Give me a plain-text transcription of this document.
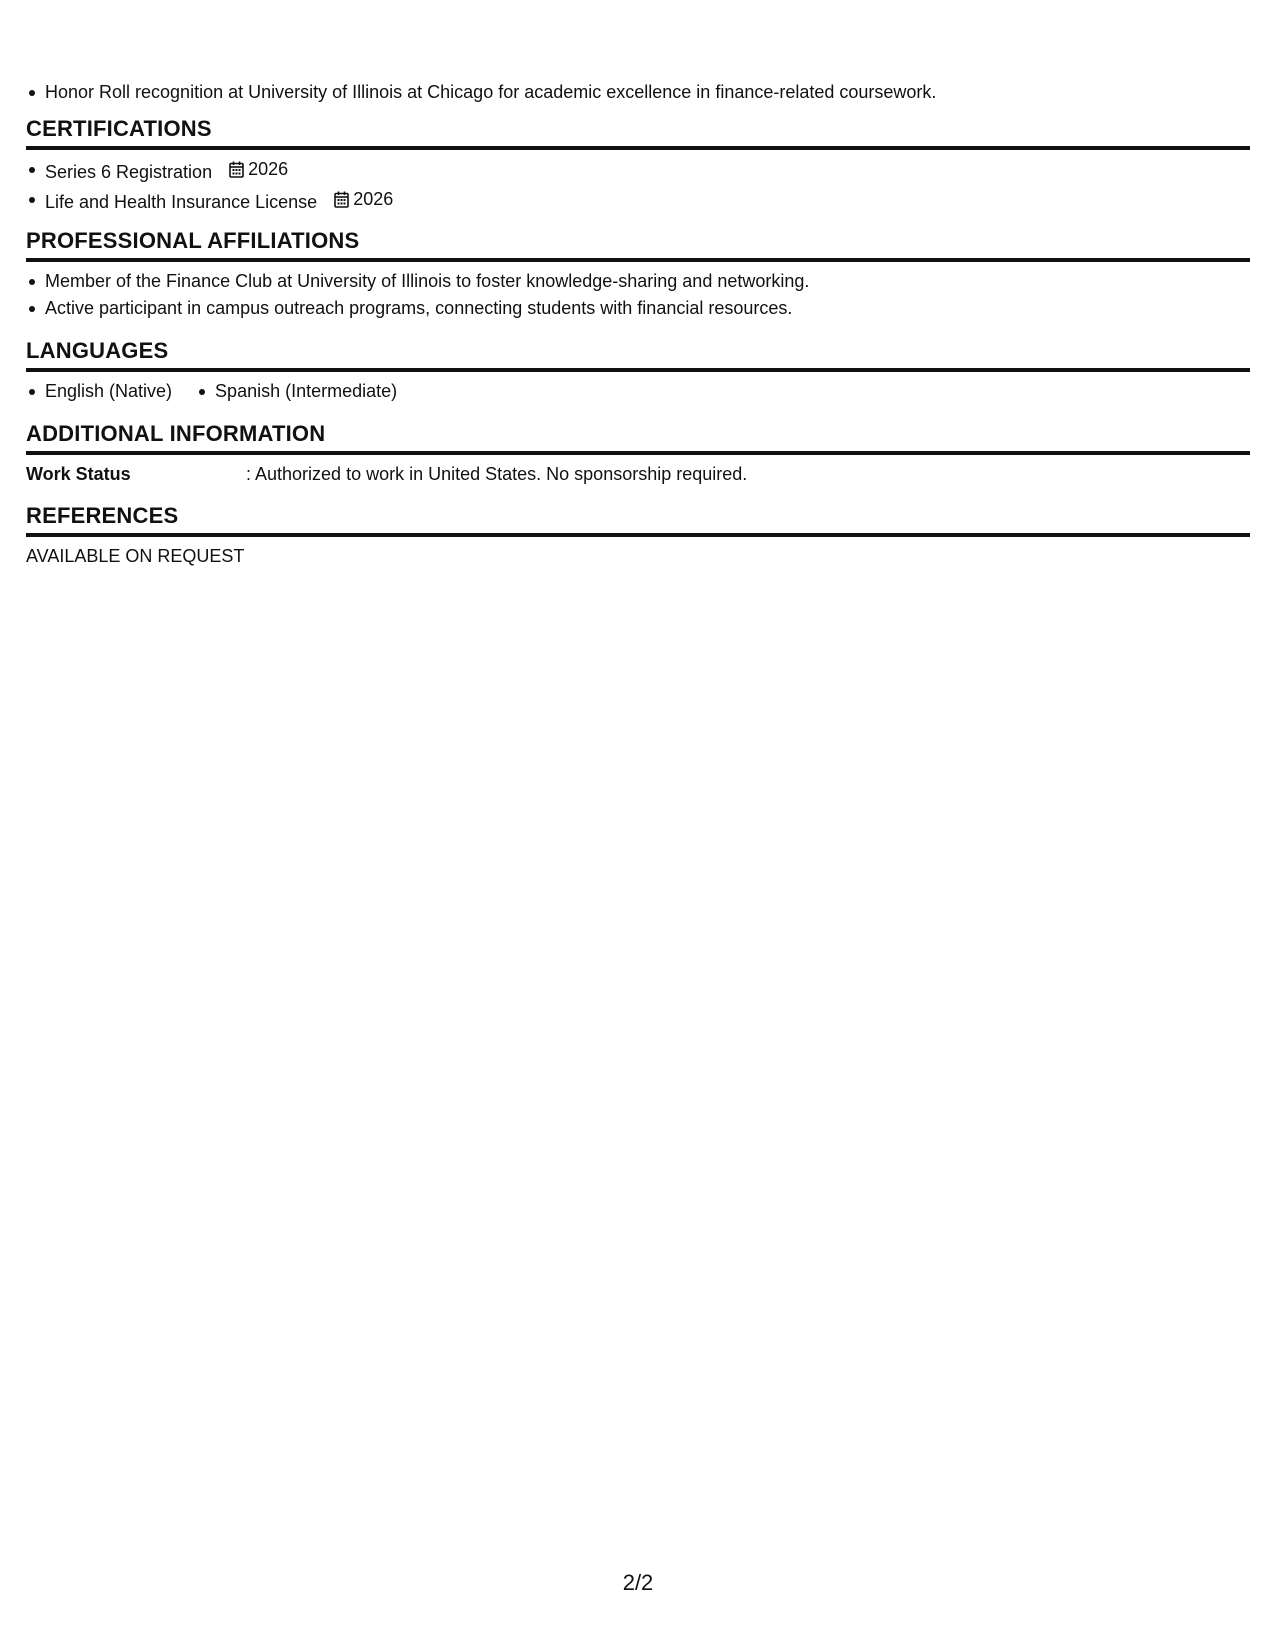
Honor Roll recognition at University of Illinois at Chicago for academic excellence in finance-related coursework.
CERTIFICATIONS
Series 6 Registration 2026
Life and Health Insurance License 2026
PROFESSIONAL AFFILIATIONS
Member of the Finance Club at University of Illinois to foster knowledge-sharing and networking.
Active participant in campus outreach programs, connecting students with financial resources.
LANGUAGES
English (Native)	Spanish (Intermediate)
ADDITIONAL INFORMATION
Work Status	: Authorized to work in United States. No sponsorship required.
REFERENCES
AVAILABLE ON REQUEST
2/2
